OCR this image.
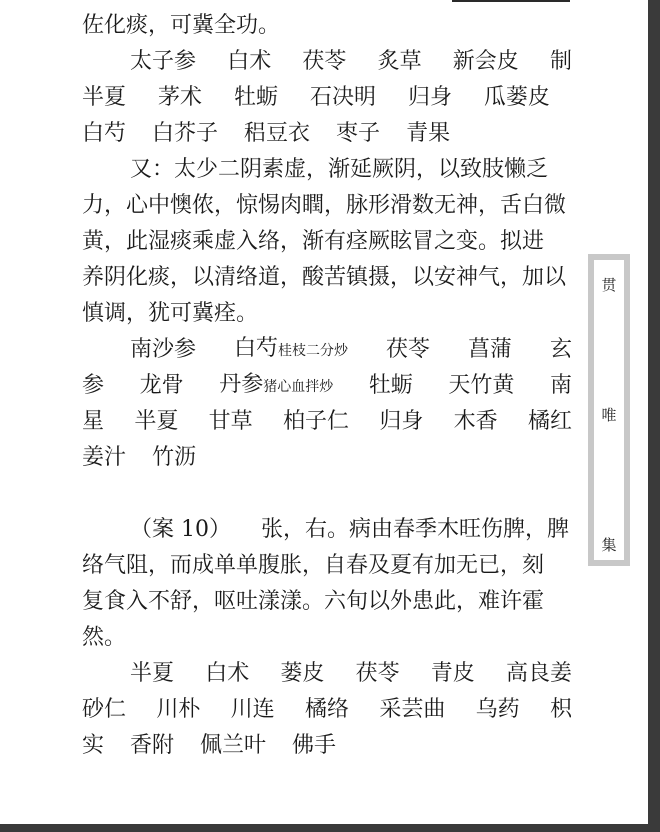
佐化痰，可冀全功。
太子参 白术 茯苓 炙草 新会皮 制
半夏 茅术 牡蛎 石决明 归身 瓜蒌皮
白芍 白芥子 稆豆衣 枣子 青果
又：太少二阴素虚，渐延厥阴，以致肢懒乏
力，心中懊侬，惊惕肉瞤，脉形滑数无神，舌白微
黄，此湿痰乘虚入络，渐有痉厥眩冒之变。拟进
养阴化痰，以清络道，酸苦镇摄，以安神气，加以
慎调，犹可冀痊。
南沙参 白芍桂枝二分炒 茯苓 菖蒲 玄
参 龙骨 丹参猪心血拌炒 牡蛎 天竹黄 南
星 半夏 甘草 柏子仁 归身 木香 橘红
姜汁 竹沥
（案 10） 张，右。病由春季木旺伤脾，脾
络气阻，而成单单腹胀，自春及夏有加无已，刻
复食入不舒，呕吐漾漾。六旬以外患此，难许霍
然。
半夏 白术 蒌皮 茯苓 青皮 高良姜
砂仁 川朴 川连 橘络 采芸曲 乌药 枳
实 香附 佩兰叶 佛手
贯
唯
集
